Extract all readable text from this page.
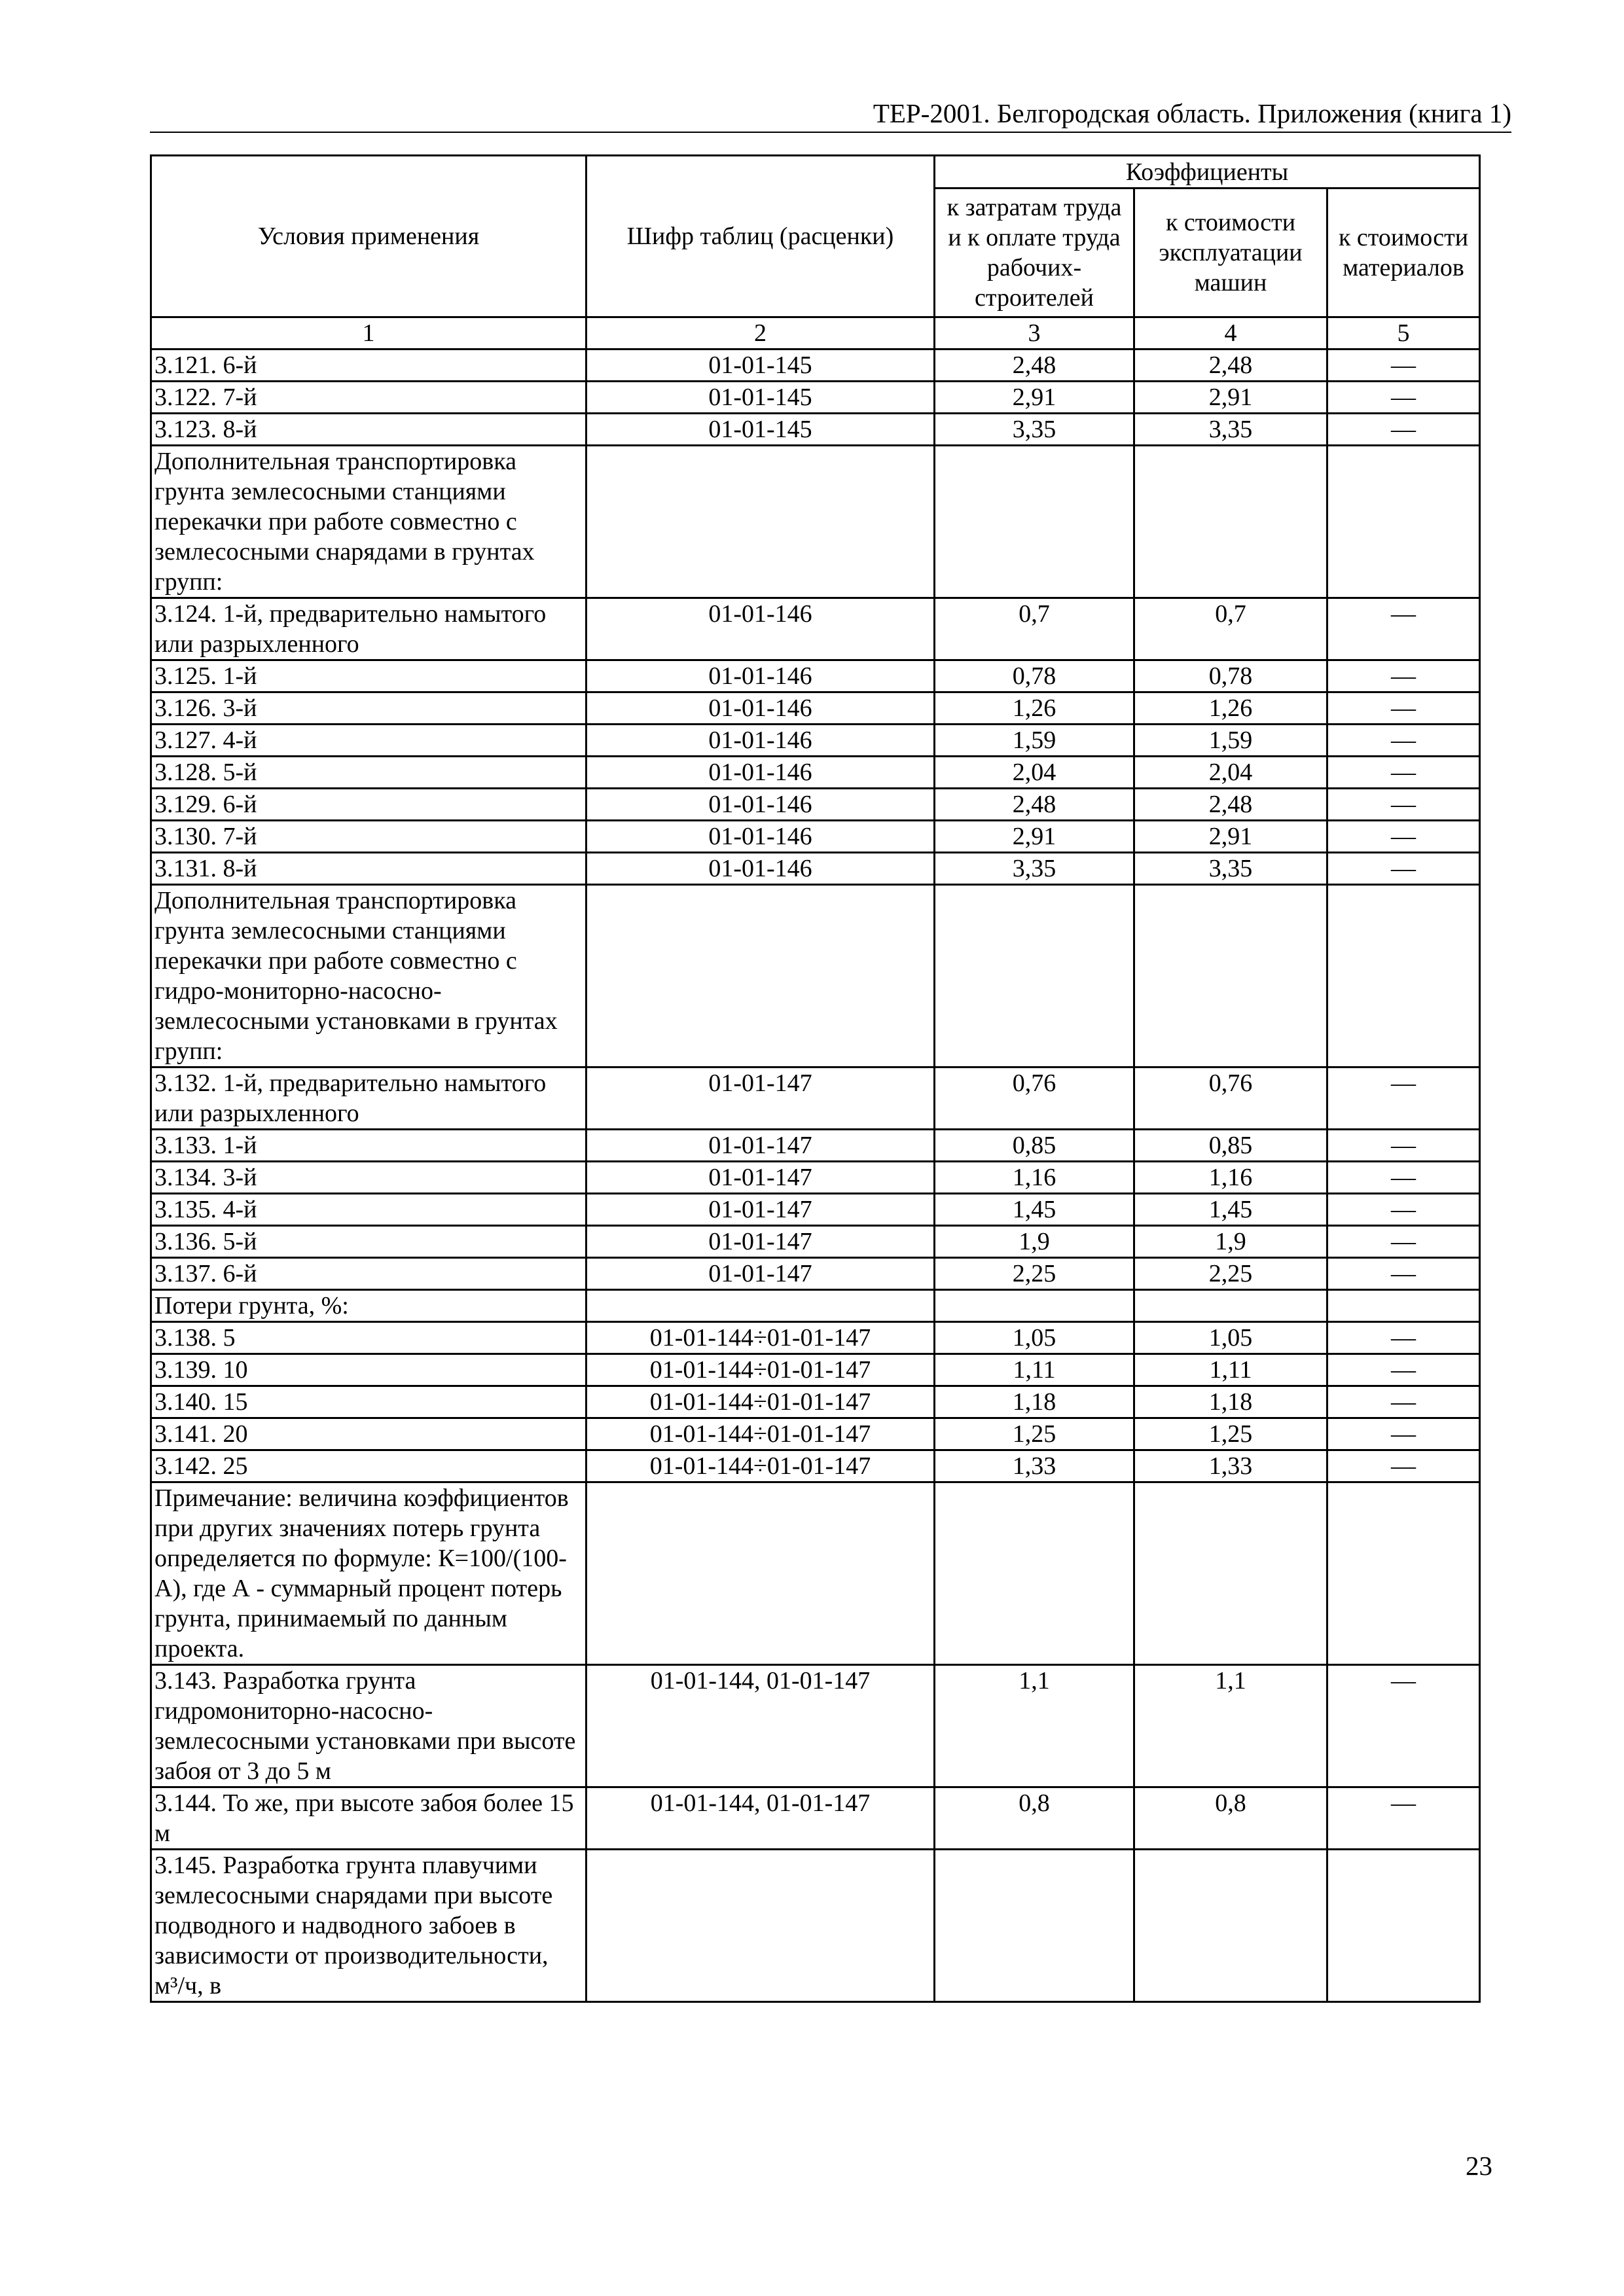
ТЕР-2001. Белгородская область. Приложения (книга 1)
Условия применения	Шифр таблиц (расценки)	Коэффициенты		
		к затратам труда и к оплате труда рабочих-строителей	к стоимости эксплуатации машин	к стоимости материалов
1	2	3	4	5
3.121. 6-й	01-01-145	2,48	2,48	—
3.122. 7-й	01-01-145	2,91	2,91	—
3.123. 8-й	01-01-145	3,35	3,35	—
Дополнительная транспортировка грунта землесосными станциями перекачки при работе совместно с землесосными снарядами в грунтах групп:				
3.124. 1-й, предварительно намытого или разрыхленного	01-01-146	0,7	0,7	—
3.125. 1-й	01-01-146	0,78	0,78	—
3.126. 3-й	01-01-146	1,26	1,26	—
3.127. 4-й	01-01-146	1,59	1,59	—
3.128. 5-й	01-01-146	2,04	2,04	—
3.129. 6-й	01-01-146	2,48	2,48	—
3.130. 7-й	01-01-146	2,91	2,91	—
3.131. 8-й	01-01-146	3,35	3,35	—
Дополнительная транспортировка грунта землесосными станциями перекачки при работе совместно с гидро-мониторно-насосно-землесосными установками в грунтах групп:				
3.132. 1-й, предварительно намытого или разрыхленного	01-01-147	0,76	0,76	—
3.133. 1-й	01-01-147	0,85	0,85	—
3.134. 3-й	01-01-147	1,16	1,16	—
3.135. 4-й	01-01-147	1,45	1,45	—
3.136. 5-й	01-01-147	1,9	1,9	—
3.137. 6-й	01-01-147	2,25	2,25	—
Потери грунта, %:				
3.138. 5	01-01-144÷01-01-147	1,05	1,05	—
3.139. 10	01-01-144÷01-01-147	1,11	1,11	—
3.140. 15	01-01-144÷01-01-147	1,18	1,18	—
3.141. 20	01-01-144÷01-01-147	1,25	1,25	—
3.142. 25	01-01-144÷01-01-147	1,33	1,33	—
Примечание: величина коэффициентов при других значениях потерь грунта определяется по формуле: К=100/(100-А), где А - суммарный процент потерь грунта, принимаемый по данным проекта.				
3.143. Разработка грунта гидромониторно-насосно-землесосными установками при высоте забоя от 3 до 5 м	01-01-144, 01-01-147	1,1	1,1	—
3.144. То же, при высоте забоя более 15 м	01-01-144, 01-01-147	0,8	0,8	—
3.145. Разработка грунта плавучими землесосными снарядами при высоте подводного и надводного забоев в зависимости от производительности, м³/ч, в				
23
